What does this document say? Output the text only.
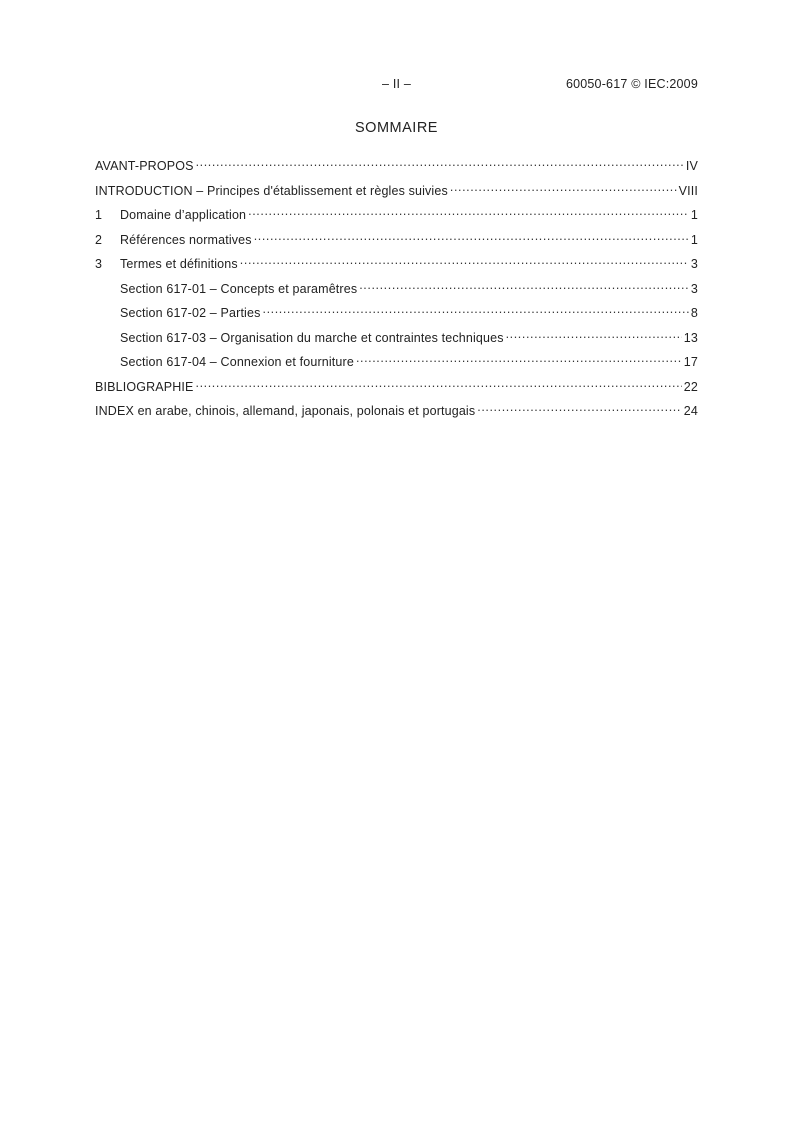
– II –	60050-617 © IEC:2009
SOMMAIRE
AVANT-PROPOS .....	IV
INTRODUCTION – Principes d'établissement et règles suivies .....	VIII
1	Domaine d’application .....	1
2	Références normatives .....	1
3	Termes et définitions .....	3
Section 617-01 – Concepts et paramêtres .....	3
Section 617-02 – Parties .....	8
Section 617-03 – Organisation du marche et contraintes techniques .....	13
Section 617-04 – Connexion et fourniture .....	17
BIBLIOGRAPHIE .....	22
INDEX en arabe, chinois, allemand, japonais, polonais et portugais .....	24
